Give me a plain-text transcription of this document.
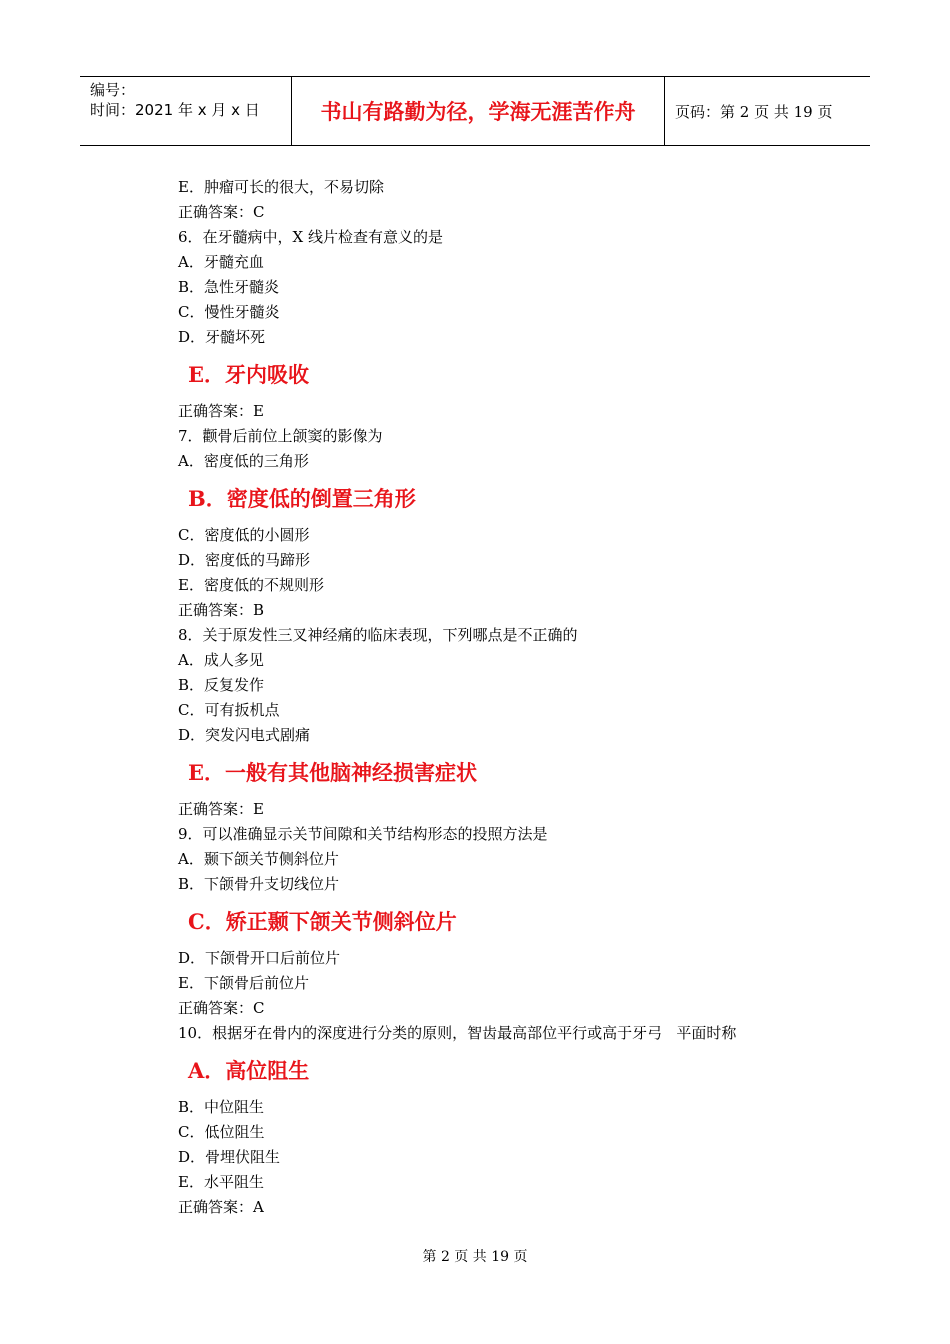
编号：
时间：2021 年 x 月 x 日	书山有路勤为径，学海无涯苦作舟	页码：第 2 页 共 19 页
E．肿瘤可长的很大，不易切除
正确答案：C
6．在牙髓病中，X 线片检查有意义的是
A．牙髓充血
B．急性牙髓炎
C．慢性牙髓炎
D．牙髓坏死
E．牙内吸收
正确答案：E
7．颧骨后前位上颌窦的影像为
A．密度低的三角形
B．密度低的倒置三角形
C．密度低的小圆形
D．密度低的马蹄形
E．密度低的不规则形
正确答案：B
8．关于原发性三叉神经痛的临床表现，下列哪点是不正确的
A．成人多见
B．反复发作
C．可有扳机点
D．突发闪电式剧痛
E．一般有其他脑神经损害症状
正确答案：E
9．可以准确显示关节间隙和关节结构形态的投照方法是
A．颞下颌关节侧斜位片
B．下颌骨升支切线位片
C．矫正颞下颌关节侧斜位片
D．下颌骨开口后前位片
E．下颌骨后前位片
正确答案：C
10．根据牙在骨内的深度进行分类的原则，智齿最高部位平行或高于牙弓   平面时称
A．高位阻生
B．中位阻生
C．低位阻生
D．骨埋伏阻生
E．水平阻生
正确答案：A
第 2 页 共 19 页
